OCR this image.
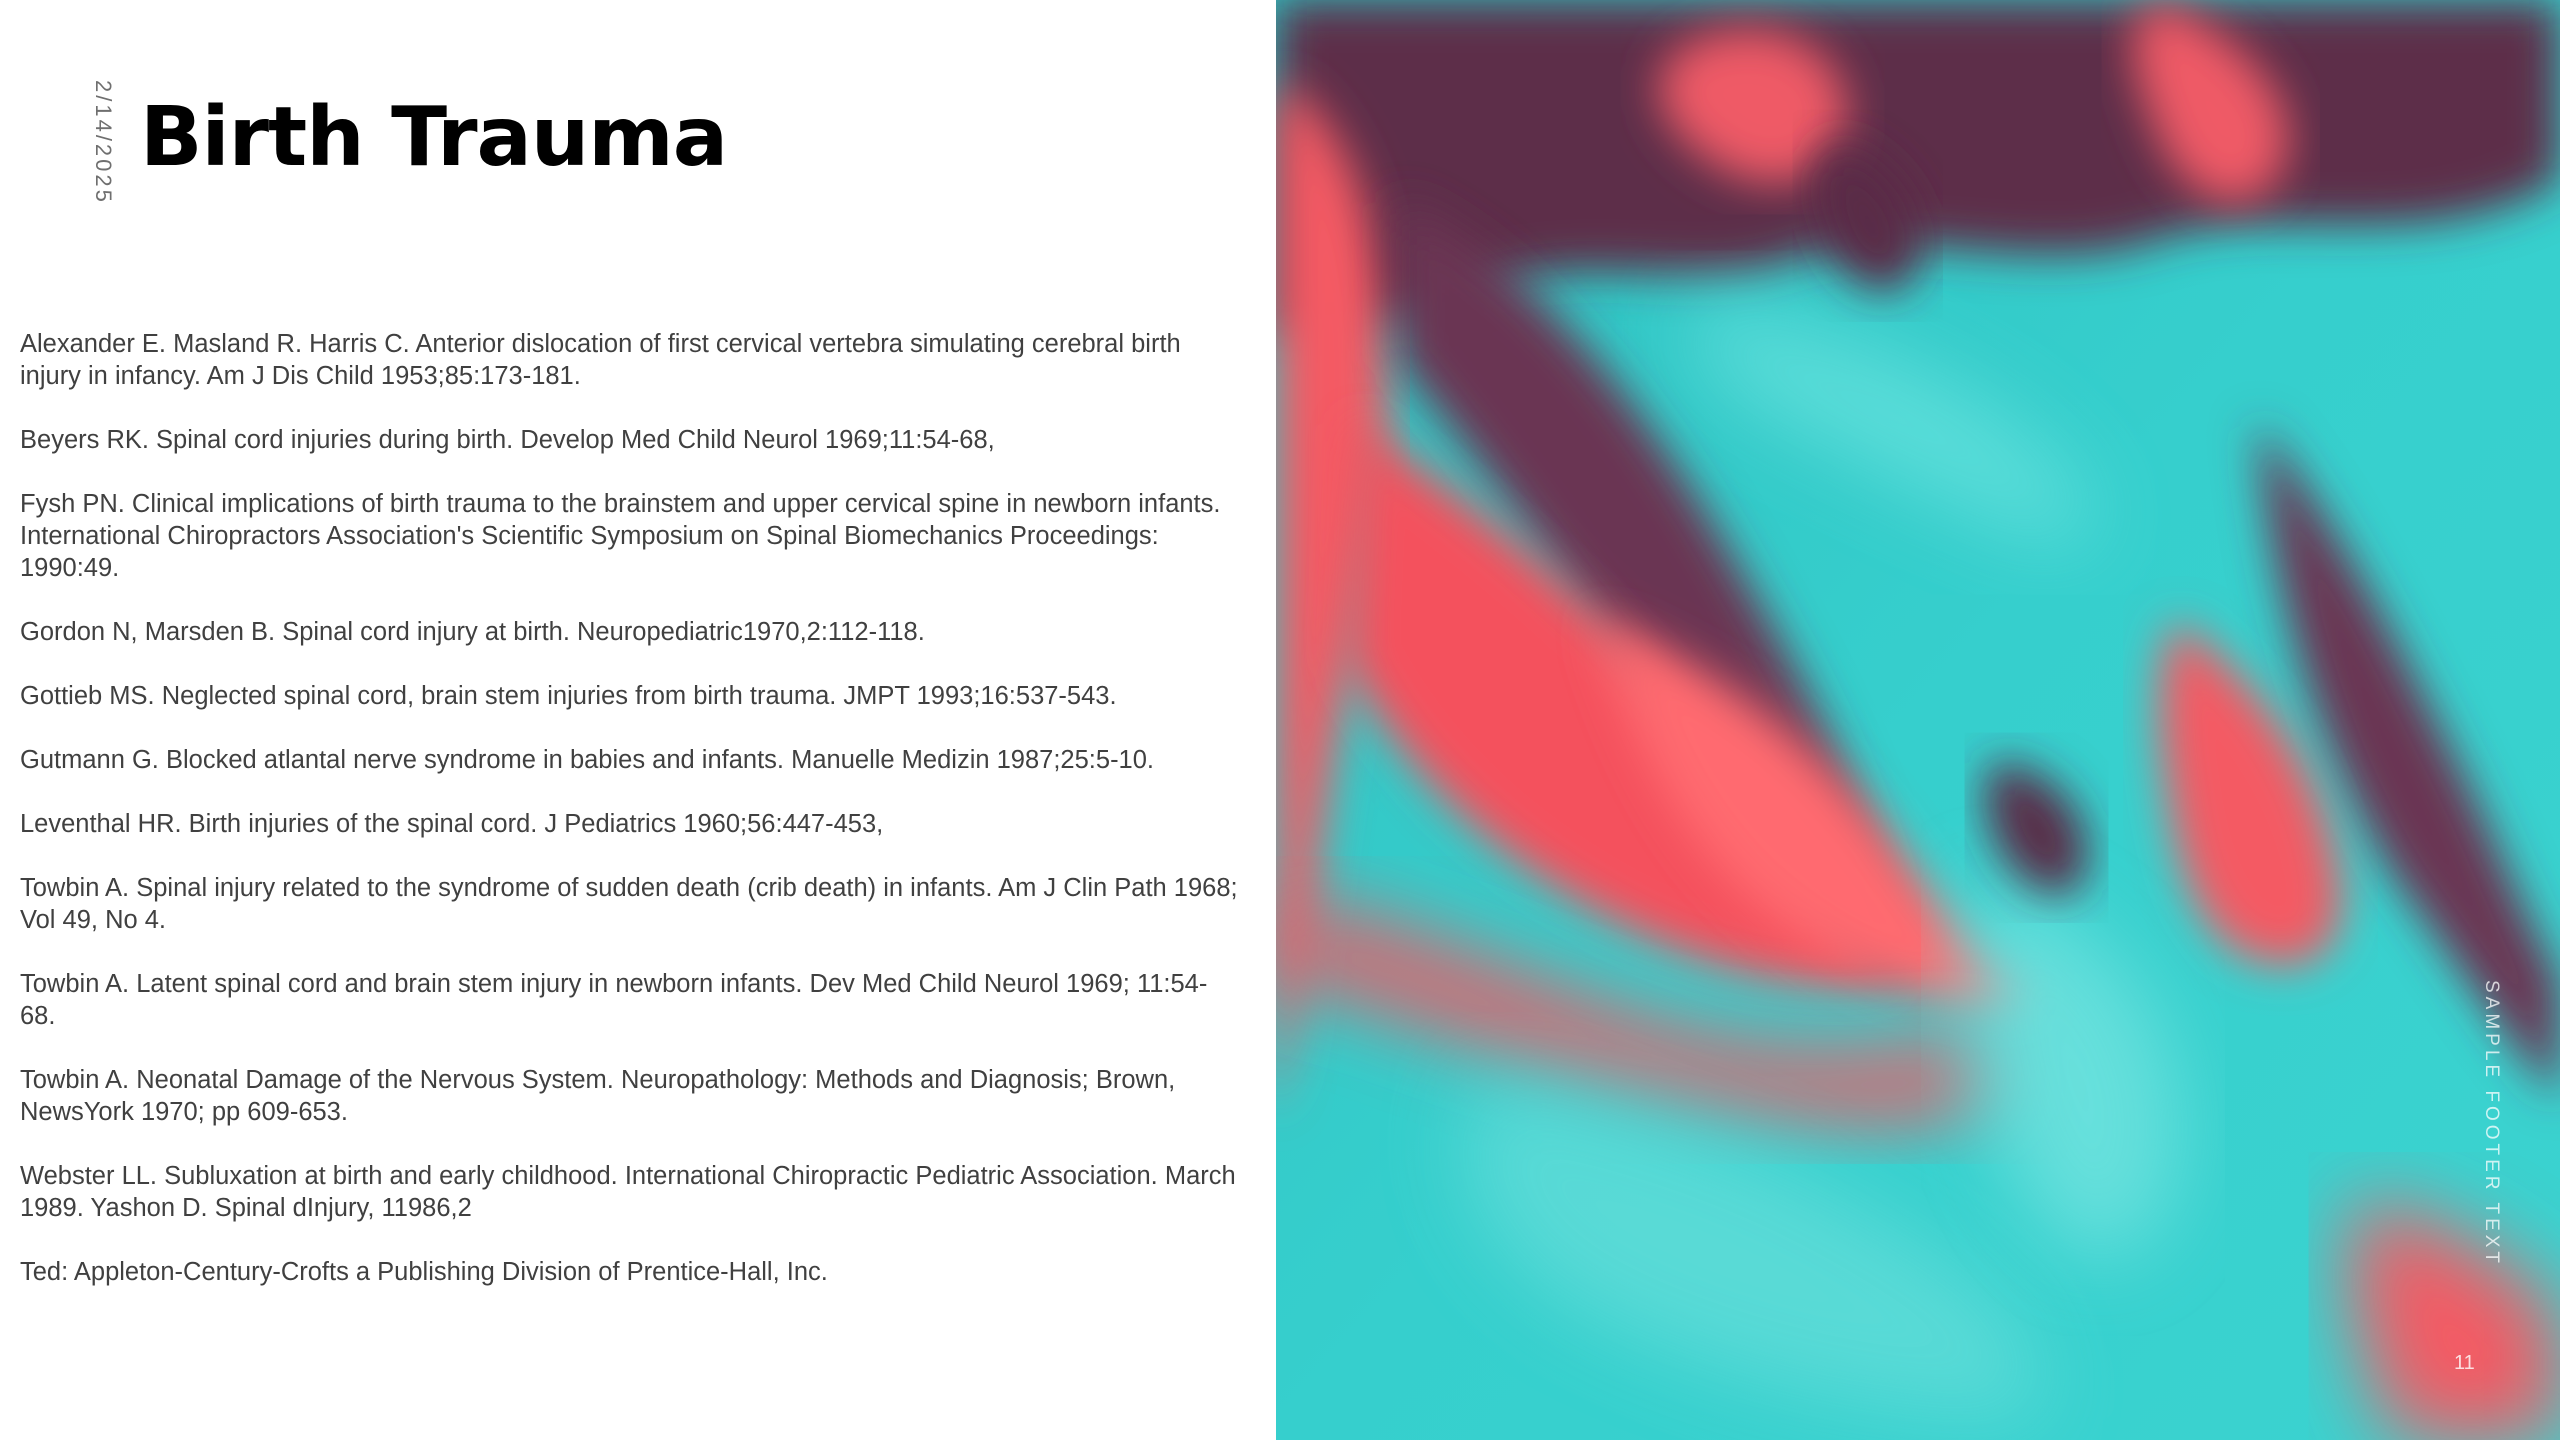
2/14/2025 Birth Trauma
Alexander E. Masland R. Harris C. Anterior dislocation of first cervical vertebra simulating cerebral birth injury in infancy. Am J Dis Child 1953;85:173-181.
Beyers RK. Spinal cord injuries during birth. Develop Med Child Neurol 1969;11:54-68,
Fysh PN. Clinical implications of birth trauma to the brainstem and upper cervical spine in newborn infants. International Chiropractors Association's Scientific Symposium on Spinal Biomechanics Proceedings: 1990:49.
Gordon N, Marsden B. Spinal cord injury at birth. Neuropediatric1970,2:112-118.
Gottieb MS. Neglected spinal cord, brain stem injuries from birth trauma. JMPT 1993;16:537-543.
Gutmann G. Blocked atlantal nerve syndrome in babies and infants. Manuelle Medizin 1987;25:5-10.
Leventhal HR. Birth injuries of the spinal cord. J Pediatrics 1960;56:447-453,
Towbin A. Spinal injury related to the syndrome of sudden death (crib death) in infants. Am J Clin Path 1968; Vol 49, No 4.
Towbin A. Latent spinal cord and brain stem injury in newborn infants. Dev Med Child Neurol 1969; 11:54-68.
Towbin A. Neonatal Damage of the Nervous System. Neuropathology: Methods and Diagnosis; Brown, NewsYork 1970; pp 609-653.
Webster LL. Subluxation at birth and early childhood. International Chiropractic Pediatric Association. March 1989. Yashon D. Spinal dInjury, 11986,2
Ted: Appleton-Century-Crofts a Publishing Division of Prentice-Hall, Inc.
SAMPLE FOOTER TEXT
11
